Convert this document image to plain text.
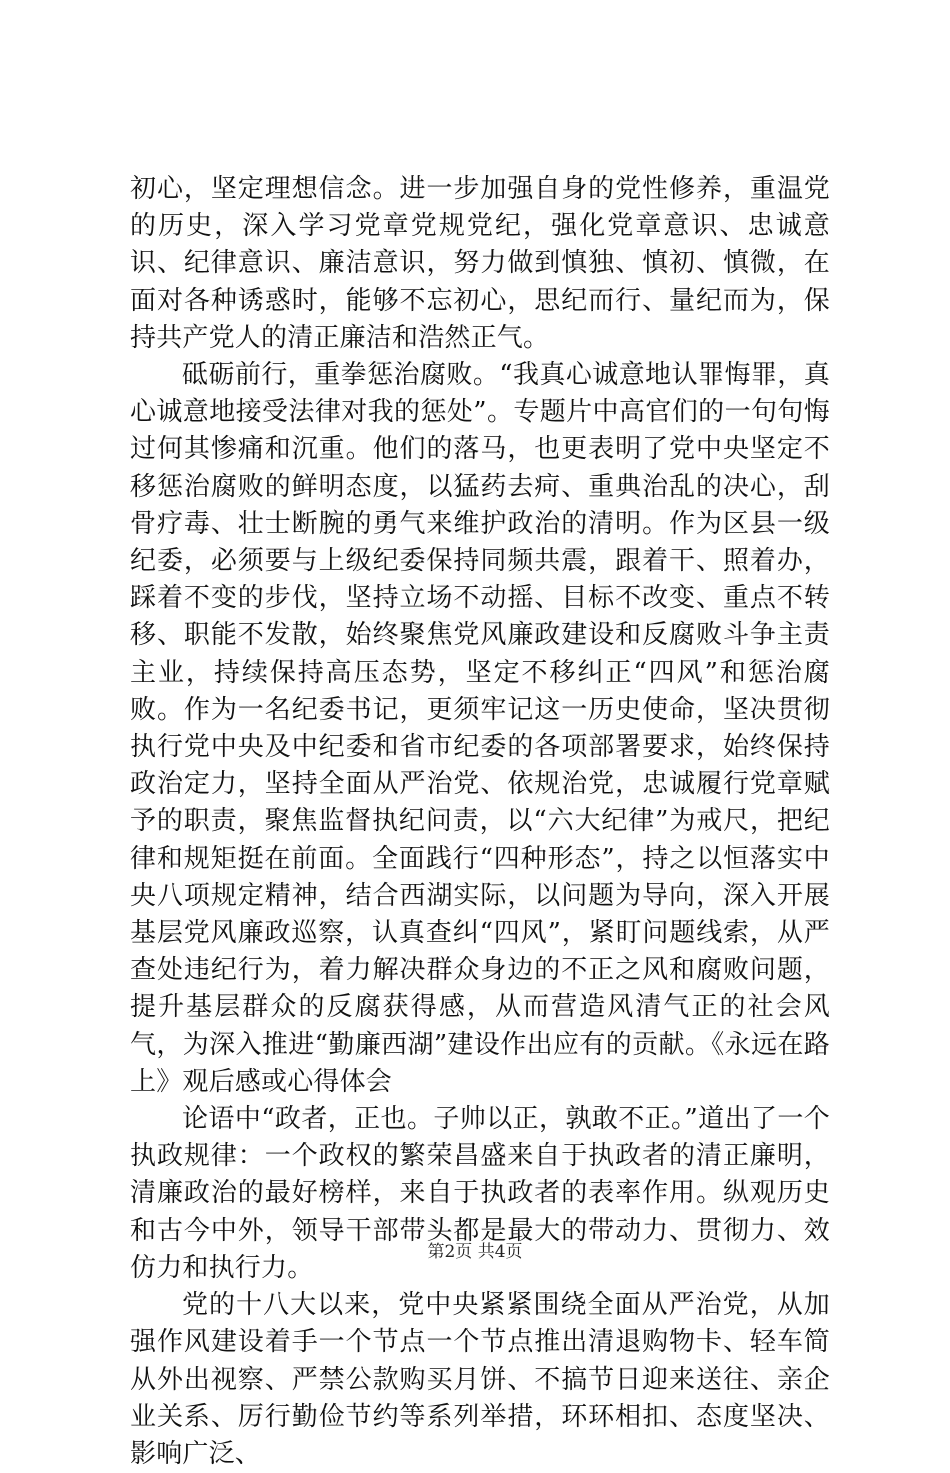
初心，坚定理想信念。进一步加强自身的党性修养，重温党的历史，深入学习党章党规党纪，强化党章意识、忠诚意识、纪律意识、廉洁意识，努力做到慎独、慎初、慎微，在面对各种诱惑时，能够不忘初心，思纪而行、量纪而为，保持共产党人的清正廉洁和浩然正气。

砥砺前行，重拳惩治腐败。“我真心诚意地认罪悔罪，真心诚意地接受法律对我的惩处”。专题片中高官们的一句句悔过何其惨痛和沉重。他们的落马，也更表明了党中央坚定不移惩治腐败的鲜明态度，以猛药去疴、重典治乱的决心，刮骨疗毒、壮士断腕的勇气来维护政治的清明。作为区县一级纪委，必须要与上级纪委保持同频共震，跟着干、照着办，踩着不变的步伐，坚持立场不动摇、目标不改变、重点不转移、职能不发散，始终聚焦党风廉政建设和反腐败斗争主责主业，持续保持高压态势，坚定不移纠正“四风”和惩治腐败。作为一名纪委书记，更须牢记这一历史使命，坚决贯彻执行党中央及中纪委和省市纪委的各项部署要求，始终保持政治定力，坚持全面从严治党、依规治党，忠诚履行党章赋予的职责，聚焦监督执纪问责，以“六大纪律”为戒尺，把纪律和规矩挺在前面。全面践行“四种形态”，持之以恒落实中央八项规定精神，结合西湖实际，以问题为导向，深入开展基层党风廉政巡察，认真查纠“四风”，紧盯问题线索，从严查处违纪行为，着力解决群众身边的不正之风和腐败问题，提升基层群众的反腐获得感，从而营造风清气正的社会风气，为深入推进“勤廉西湖”建设作出应有的贡献。《永远在路上》观后感或心得体会

论语中“政者，正也。子帅以正，孰敢不正。”道出了一个执政规律：一个政权的繁荣昌盛来自于执政者的清正廉明，清廉政治的最好榜样，来自于执政者的表率作用。纵观历史和古今中外，领导干部带头都是最大的带动力、贯彻力、效仿力和执行力。

党的十八大以来，党中央紧紧围绕全面从严治党，从加强作风建设着手一个节点一个节点推出清退购物卡、轻车简从外出视察、严禁公款购买月饼、不搞节日迎来送往、亲企业关系、厉行勤俭节约等系列举措，环环相扣、态度坚决、影响广泛、

第2页 共4页
